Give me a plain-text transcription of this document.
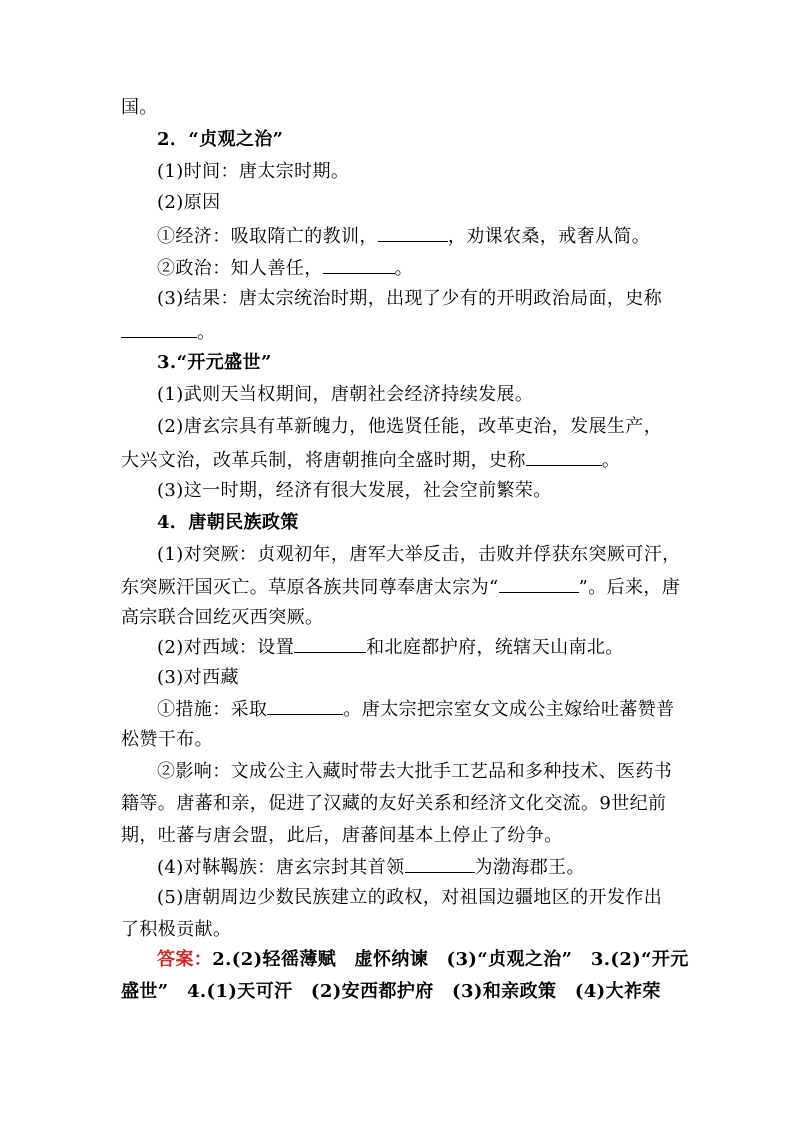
国。
2．“贞观之治”
(1)时间：唐太宗时期。
(2)原因
①经济：吸取隋亡的教训，	，劝课农桑，戒奢从简。
②政治：知人善任，	。
(3)结果：唐太宗统治时期，出现了少有的开明政治局面，史称
。
3.“开元盛世”
(1)武则天当权期间，唐朝社会经济持续发展。
(2)唐玄宗具有革新魄力，他选贤任能，改革吏治，发展生产，
大兴文治，改革兵制，将唐朝推向全盛时期，史称	。
(3)这一时期，经济有很大发展，社会空前繁荣。
4．唐朝民族政策
(1)对突厥：贞观初年，唐军大举反击，击败并俘获东突厥可汗，
东突厥汗国灭亡。草原各族共同尊奉唐太宗为“	”。后来，唐
高宗联合回纥灭西突厥。
(2)对西域：设置	和北庭都护府，统辖天山南北。
(3)对西藏
①措施：采取	。唐太宗把宗室女文成公主嫁给吐蕃赞普
松赞干布。
②影响：文成公主入藏时带去大批手工艺品和多种技术、医药书
籍等。唐蕃和亲，促进了汉藏的友好关系和经济文化交流。9世纪前
期，吐蕃与唐会盟，此后，唐蕃间基本上停止了纷争。
(4)对靺鞨族：唐玄宗封其首领	为渤海郡王。
(5)唐朝周边少数民族建立的政权，对祖国边疆地区的开发作出
了积极贡献。
答案：2.(2)轻徭薄赋　虚怀纳谏　(3)“贞观之治”　3.(2)“开元
盛世”　4.(1)天可汗　(2)安西都护府　(3)和亲政策　(4)大祚荣
